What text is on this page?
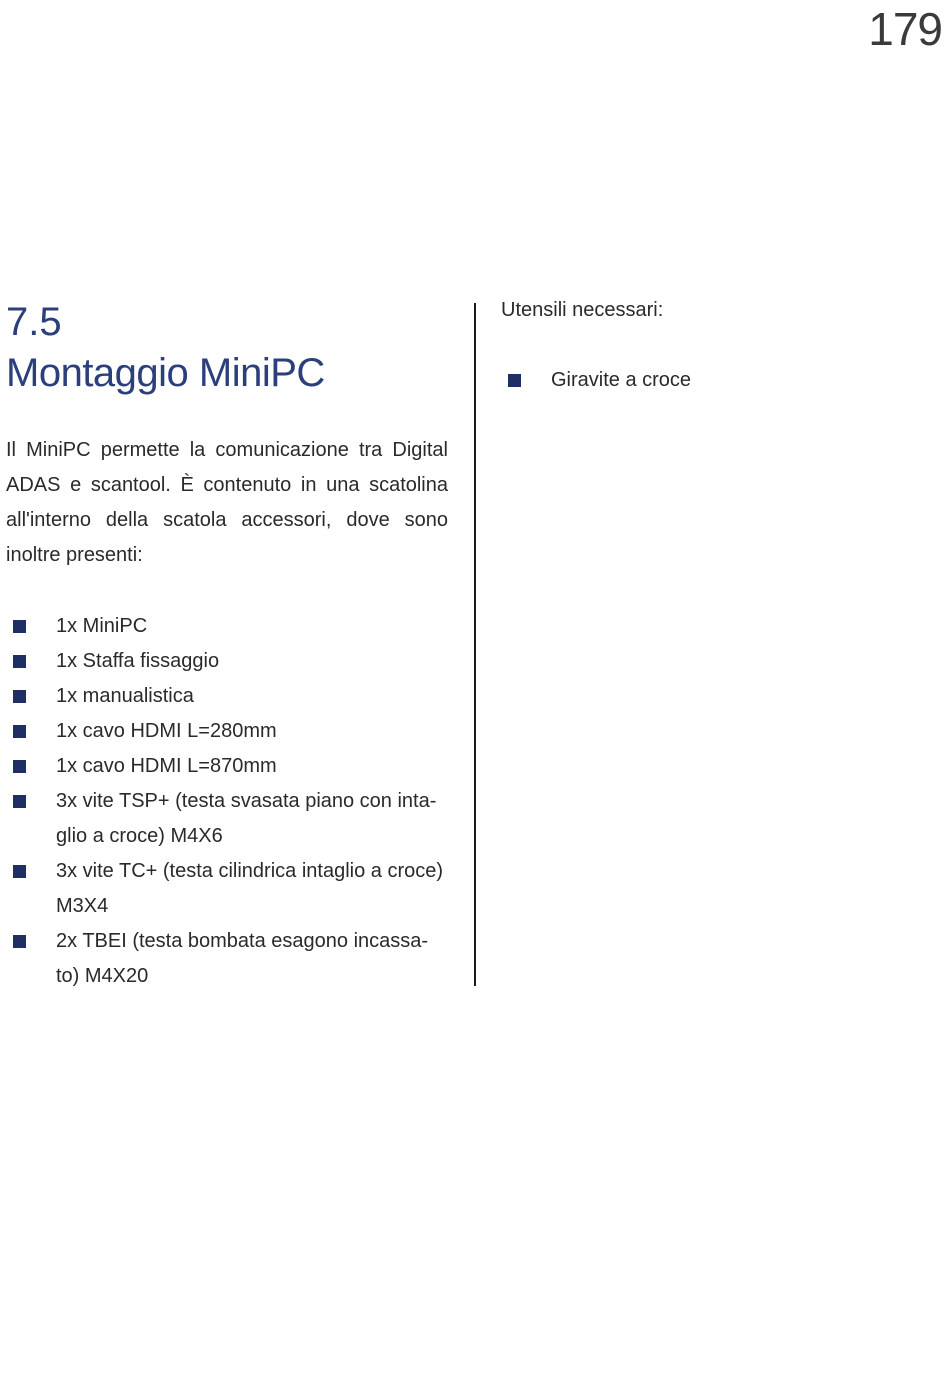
179
7.5
Montaggio MiniPC

Il MiniPC permette la comunicazione tra Digital ADAS e scantool. È contenuto in una scatolina all'interno della scatola accessori, dove sono inoltre presenti:

1x MiniPC
1x Staffa fissaggio
1x manualistica
1x cavo HDMI L=280mm
1x cavo HDMI L=870mm
3x vite TSP+ (testa svasata piano con inta-glio a croce) M4X6
3x vite TC+ (testa cilindrica intaglio a croce) M3X4
2x TBEI (testa bombata esagono incassa-to) M4X20

Utensili necessari:

Giravite a croce
